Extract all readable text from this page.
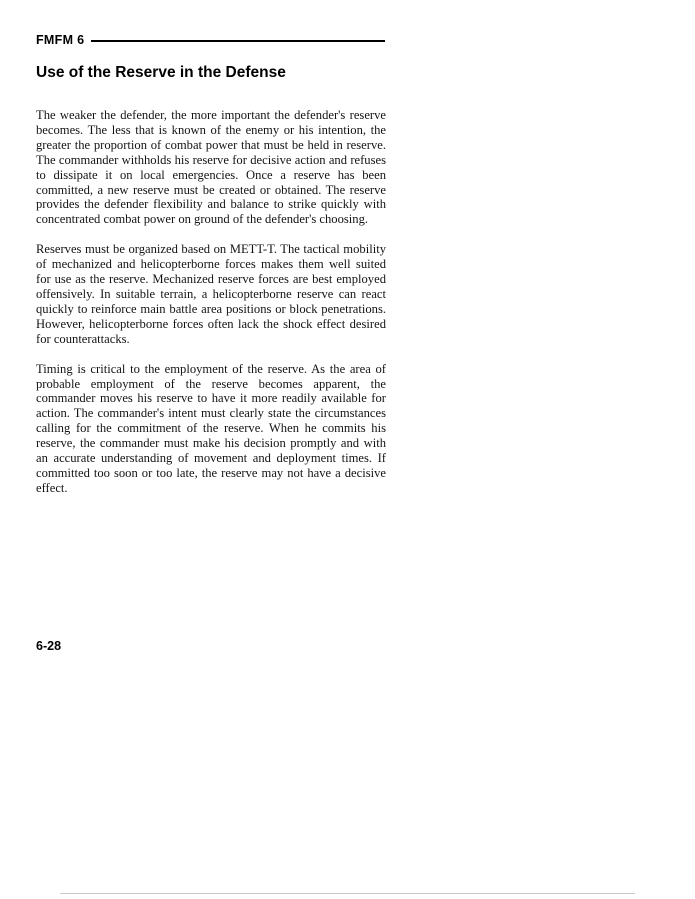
FMFM 6
Use of the Reserve in the Defense

The weaker the defender, the more important the defender's reserve becomes. The less that is known of the enemy or his intention, the greater the proportion of combat power that must be held in reserve. The commander withholds his reserve for decisive action and refuses to dissipate it on local emergencies. Once a reserve has been committed, a new reserve must be created or obtained. The reserve provides the defender flexibility and balance to strike quickly with concentrated combat power on ground of the defender's choosing.

Reserves must be organized based on METT-T. The tactical mobility of mechanized and helicopterborne forces makes them well suited for use as the reserve. Mechanized reserve forces are best employed offensively. In suitable terrain, a helicopterborne reserve can react quickly to reinforce main battle area positions or block penetrations. However, helicopterborne forces often lack the shock effect desired for counterattacks.

Timing is critical to the employment of the reserve. As the area of probable employment of the reserve becomes apparent, the commander moves his reserve to have it more readily available for action. The commander's intent must clearly state the circumstances calling for the commitment of the reserve. When he commits his reserve, the commander must make his decision promptly and with an accurate understanding of movement and deployment times. If committed too soon or too late, the reserve may not have a decisive effect.

6-28
